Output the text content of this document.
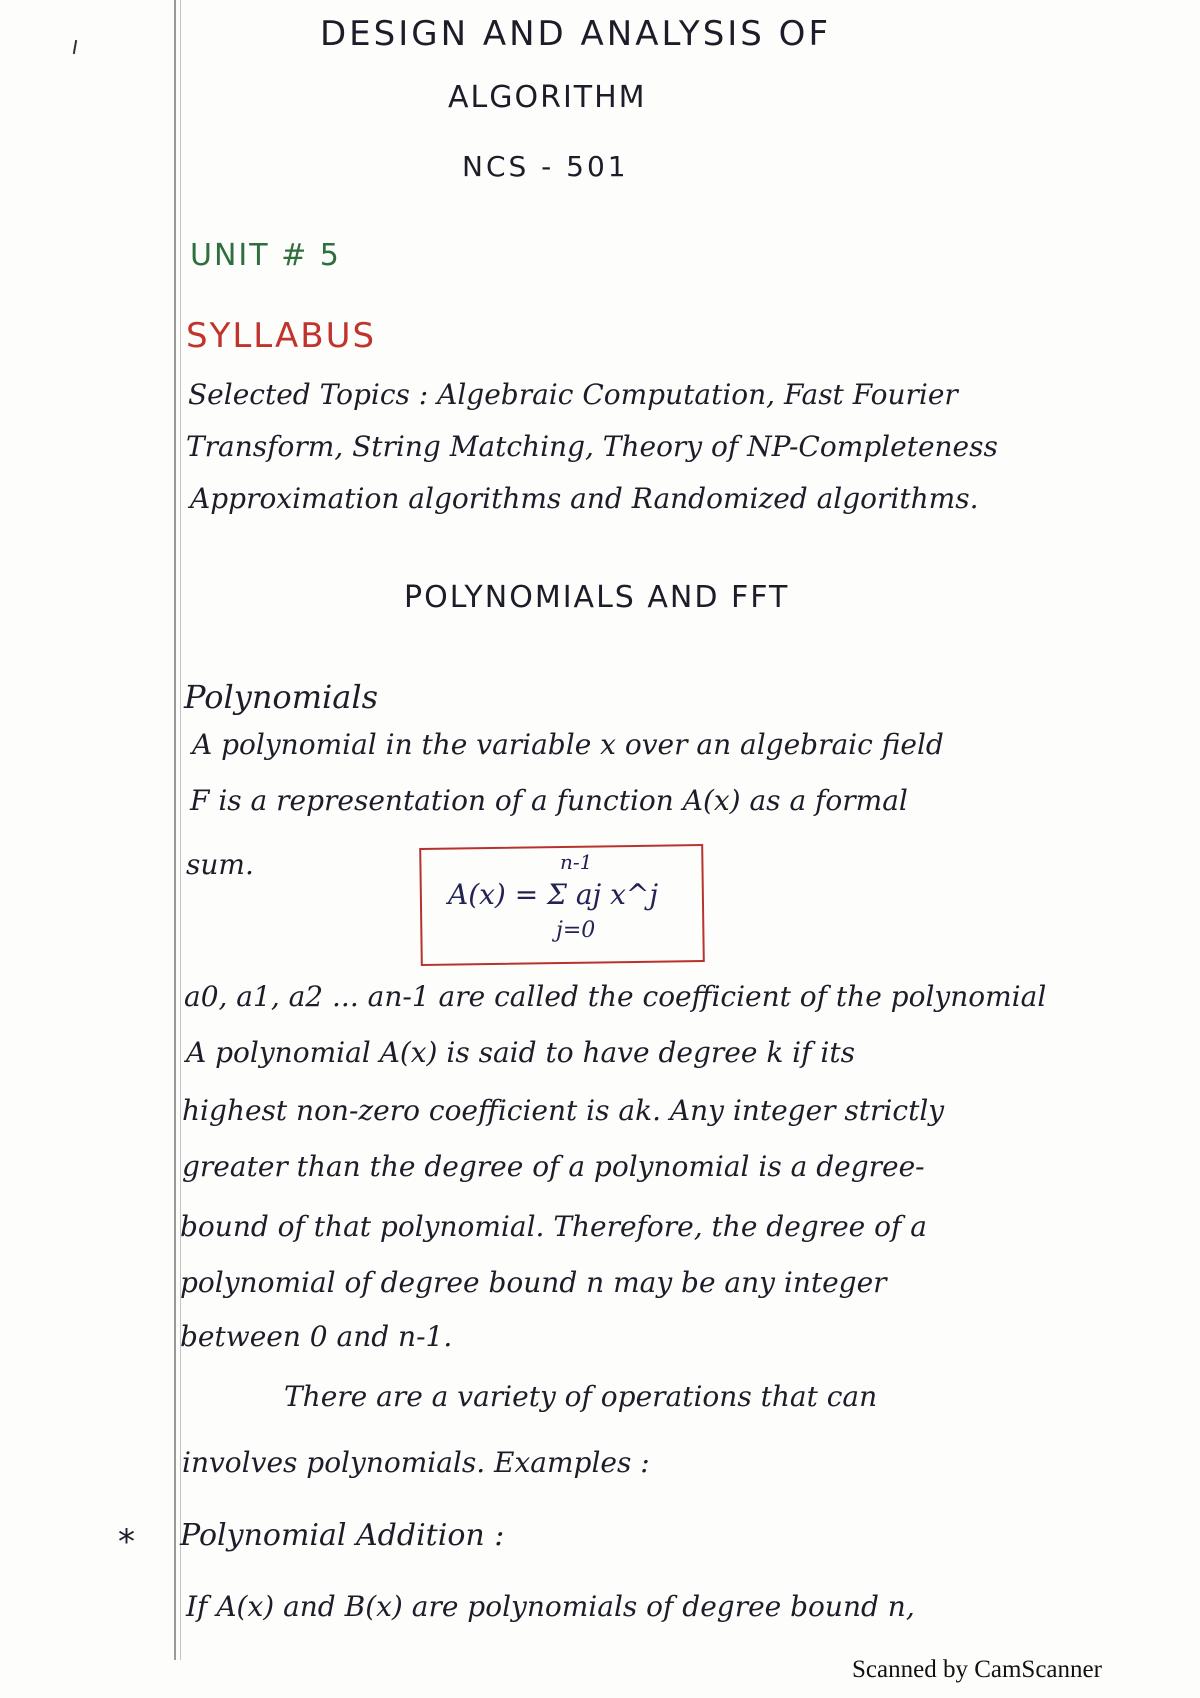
DESIGN AND ANALYSIS OF
ALGORITHM
NCS - 501
UNIT # 5
SYLLABUS
Selected Topics : Algebraic Computation, Fast Fourier
Transform, String Matching, Theory of NP-Completeness
Approximation algorithms and Randomized algorithms.
POLYNOMIALS AND FFT
Polynomials
A polynomial in the variable x over an algebraic field
F is a representation of a function A(x) as a formal
sum.
A(x) = Σ aj x^j
n-1
j=0
a0, a1, a2 ... an-1 are called the coefficient of the polynomial
A polynomial A(x) is said to have degree k if its
highest non-zero coefficient is ak. Any integer strictly
greater than the degree of a polynomial is a degree-
bound of that polynomial. Therefore, the degree of a
polynomial of degree bound n may be any integer
between 0 and n-1.
There are a variety of operations that can
involves polynomials. Examples :
* Polynomial Addition :
If A(x) and B(x) are polynomials of degree bound n,
Scanned by CamScanner
